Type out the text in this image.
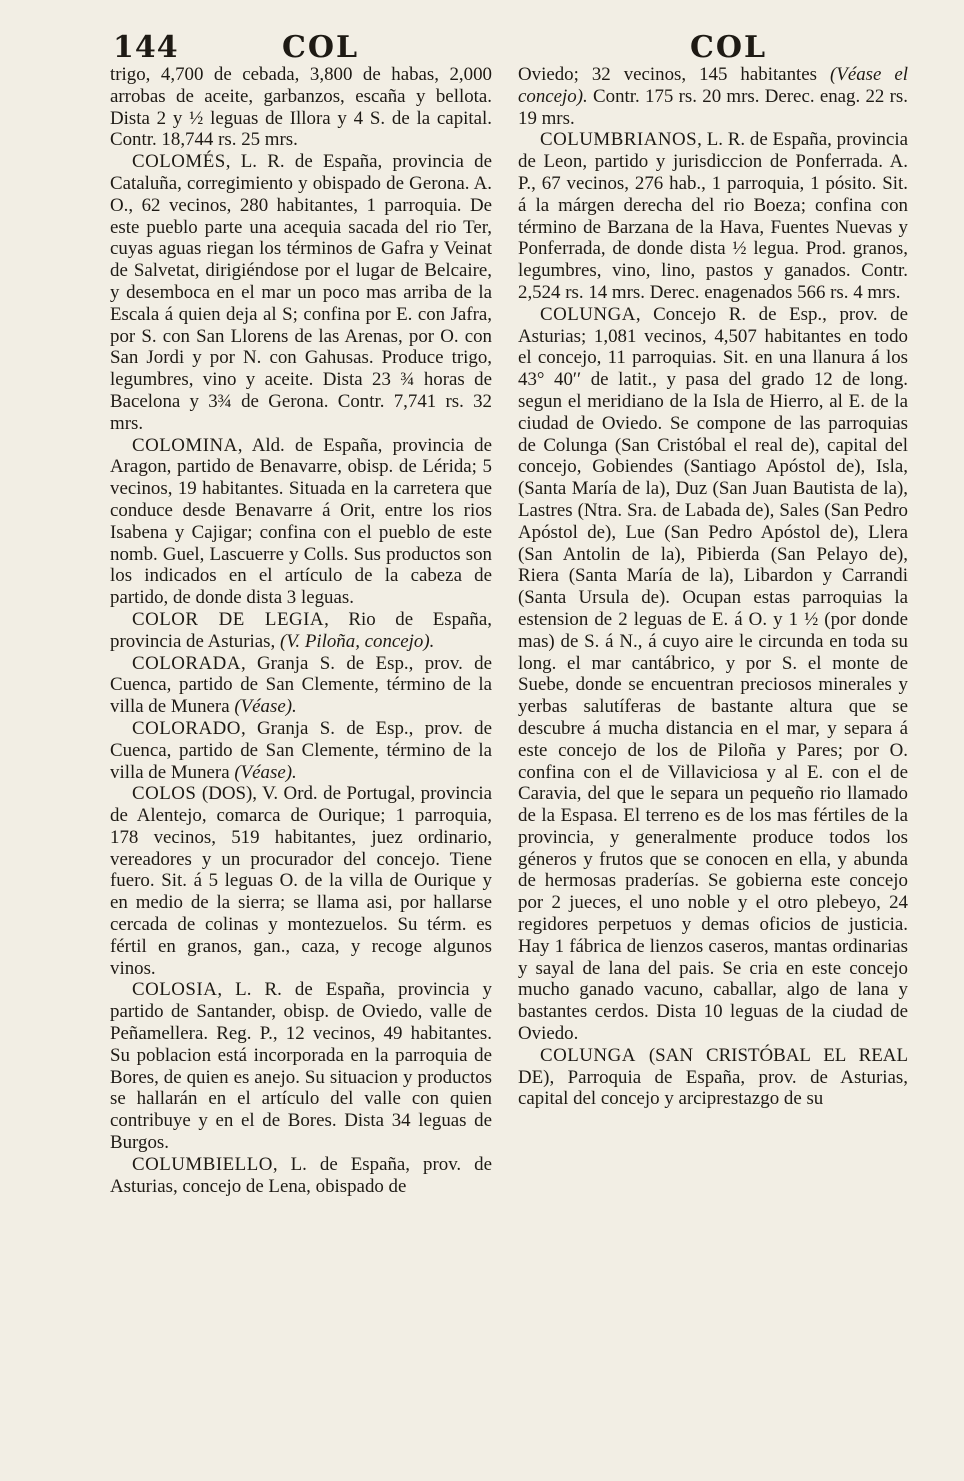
144	COL	COL

trigo, 4,700 de cebada, 3,800 de habas, 2,000 arrobas de aceite, garbanzos, escaña y bellota. Dista 2 y ½ leguas de Illora y 4 S. de la capital. Contr. 18,744 rs. 25 mrs.

COLOMÉS, L. R. de España, provincia de Cataluña, corregimiento y obispado de Gerona. A. O., 62 vecinos, 280 habitantes, 1 parroquia. De este pueblo parte una acequia sacada del rio Ter, cuyas aguas riegan los términos de Gafra y Veinat de Salvetat, dirigiéndose por el lugar de Belcaire, y desemboca en el mar un poco mas arriba de la Escala á quien deja al S; confina por E. con Jafra, por S. con San Llorens de las Arenas, por O. con San Jordi y por N. con Gahusas. Produce trigo, legumbres, vino y aceite. Dista 23 ¾ horas de Bacelona y 3¾ de Gerona. Contr. 7,741 rs. 32 mrs.

COLOMINA, Ald. de España, provincia de Aragon, partido de Benavarre, obisp. de Lérida; 5 vecinos, 19 habitantes. Situada en la carretera que conduce desde Benavarre á Orit, entre los rios Isabena y Cajigar; confina con el pueblo de este nomb. Guel, Lascuerre y Colls. Sus productos son los indicados en el artículo de la cabeza de partido, de donde dista 3 leguas.

COLOR DE LEGIA, Rio de España, provincia de Asturias, (V. Piloña, concejo).

COLORADA, Granja S. de Esp., prov. de Cuenca, partido de San Clemente, término de la villa de Munera (Véase).

COLORADO, Granja S. de Esp., prov. de Cuenca, partido de San Clemente, término de la villa de Munera (Véase).

COLOS (DOS), V. Ord. de Portugal, provincia de Alentejo, comarca de Ourique; 1 parroquia, 178 vecinos, 519 habitantes, juez ordinario, vereadores y un procurador del concejo. Tiene fuero. Sit. á 5 leguas O. de la villa de Ourique y en medio de la sierra; se llama asi, por hallarse cercada de colinas y montezuelos. Su térm. es fértil en granos, gan., caza, y recoge algunos vinos.

COLOSIA, L. R. de España, provincia y partido de Santander, obisp. de Oviedo, valle de Peñamellera. Reg. P., 12 vecinos, 49 habitantes. Su poblacion está incorporada en la parroquia de Bores, de quien es anejo. Su situacion y productos se hallarán en el artículo del valle con quien contribuye y en el de Bores. Dista 34 leguas de Burgos.

COLUMBIELLO, L. de España, prov. de Asturias, concejo de Lena, obispado de

Oviedo; 32 vecinos, 145 habitantes (Véase el concejo). Contr. 175 rs. 20 mrs. Derec. enag. 22 rs. 19 mrs.

COLUMBRIANOS, L. R. de España, provincia de Leon, partido y jurisdiccion de Ponferrada. A. P., 67 vecinos, 276 hab., 1 parroquia, 1 pósito. Sit. á la márgen derecha del rio Boeza; confina con término de Barzana de la Hava, Fuentes Nuevas y Ponferrada, de donde dista ½ legua. Prod. granos, legumbres, vino, lino, pastos y ganados. Contr. 2,524 rs. 14 mrs. Derec. enagenados 566 rs. 4 mrs.

COLUNGA, Concejo R. de Esp., prov. de Asturias; 1,081 vecinos, 4,507 habitantes en todo el concejo, 11 parroquias. Sit. en una llanura á los 43° 40′′ de latit., y pasa del grado 12 de long. segun el meridiano de la Isla de Hierro, al E. de la ciudad de Oviedo. Se compone de las parroquias de Colunga (San Cristóbal el real de), capital del concejo, Gobiendes (Santiago Apóstol de), Isla, (Santa María de la), Duz (San Juan Bautista de la), Lastres (Ntra. Sra. de Labada de), Sales (San Pedro Apóstol de), Lue (San Pedro Apóstol de), Llera (San Antolin de la), Pibierda (San Pelayo de), Riera (Santa María de la), Libardon y Carrandi (Santa Ursula de). Ocupan estas parroquias la estension de 2 leguas de E. á O. y 1 ½ (por donde mas) de S. á N., á cuyo aire le circunda en toda su long. el mar cantábrico, y por S. el monte de Suebe, donde se encuentran preciosos minerales y yerbas salutíferas de bastante altura que se descubre á mucha distancia en el mar, y separa á este concejo de los de Piloña y Pares; por O. confina con el de Villaviciosa y al E. con el de Caravia, del que le separa un pequeño rio llamado de la Espasa. El terreno es de los mas fértiles de la provincia, y generalmente produce todos los géneros y frutos que se conocen en ella, y abunda de hermosas praderías. Se gobierna este concejo por 2 jueces, el uno noble y el otro plebeyo, 24 regidores perpetuos y demas oficios de justicia. Hay 1 fábrica de lienzos caseros, mantas ordinarias y sayal de lana del pais. Se cria en este concejo mucho ganado vacuno, caballar, algo de lana y bastantes cerdos. Dista 10 leguas de la ciudad de Oviedo.

COLUNGA (SAN CRISTÓBAL EL REAL DE), Parroquia de España, prov. de Asturias, capital del concejo y arciprestazgo de su
